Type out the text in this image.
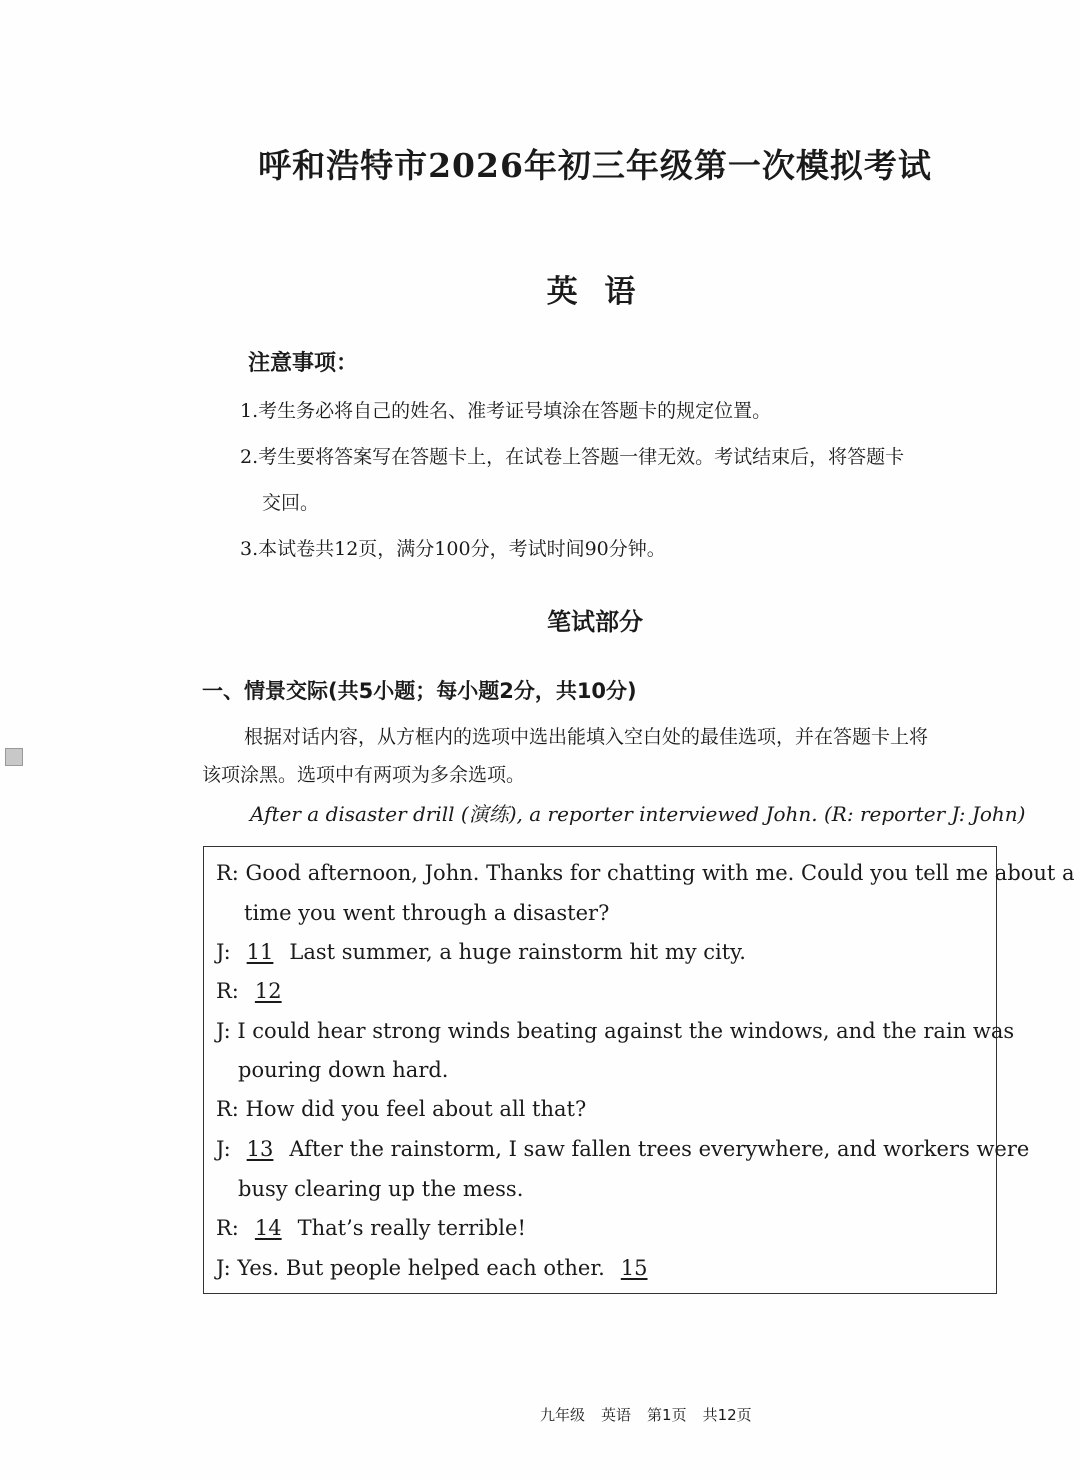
呼和浩特市2026年初三年级第一次模拟考试
英 语
注意事项：
1.考生务必将自己的姓名、准考证号填涂在答题卡的规定位置。
2.考生要将答案写在答题卡上，在试卷上答题一律无效。考试结束后，将答题卡
交回。
3.本试卷共12页，满分100分，考试时间90分钟。
笔试部分
一、情景交际(共5小题；每小题2分，共10分)
根据对话内容，从方框内的选项中选出能填入空白处的最佳选项，并在答题卡上将
该项涂黑。选项中有两项为多余选项。
After a disaster drill (演练), a reporter interviewed John. (R: reporter J: John)
R: Good afternoon, John. Thanks for chatting with me. Could you tell me about a
time you went through a disaster?
J: 11 Last summer, a huge rainstorm hit my city.
R: 12
J: I could hear strong winds beating against the windows, and the rain was
pouring down hard.
R: How did you feel about all that?
J: 13 After the rainstorm, I saw fallen trees everywhere, and workers were
busy clearing up the mess.
R: 14 That’s really terrible!
J: Yes. But people helped each other. 15
九年级 英语 第1页 共12页
